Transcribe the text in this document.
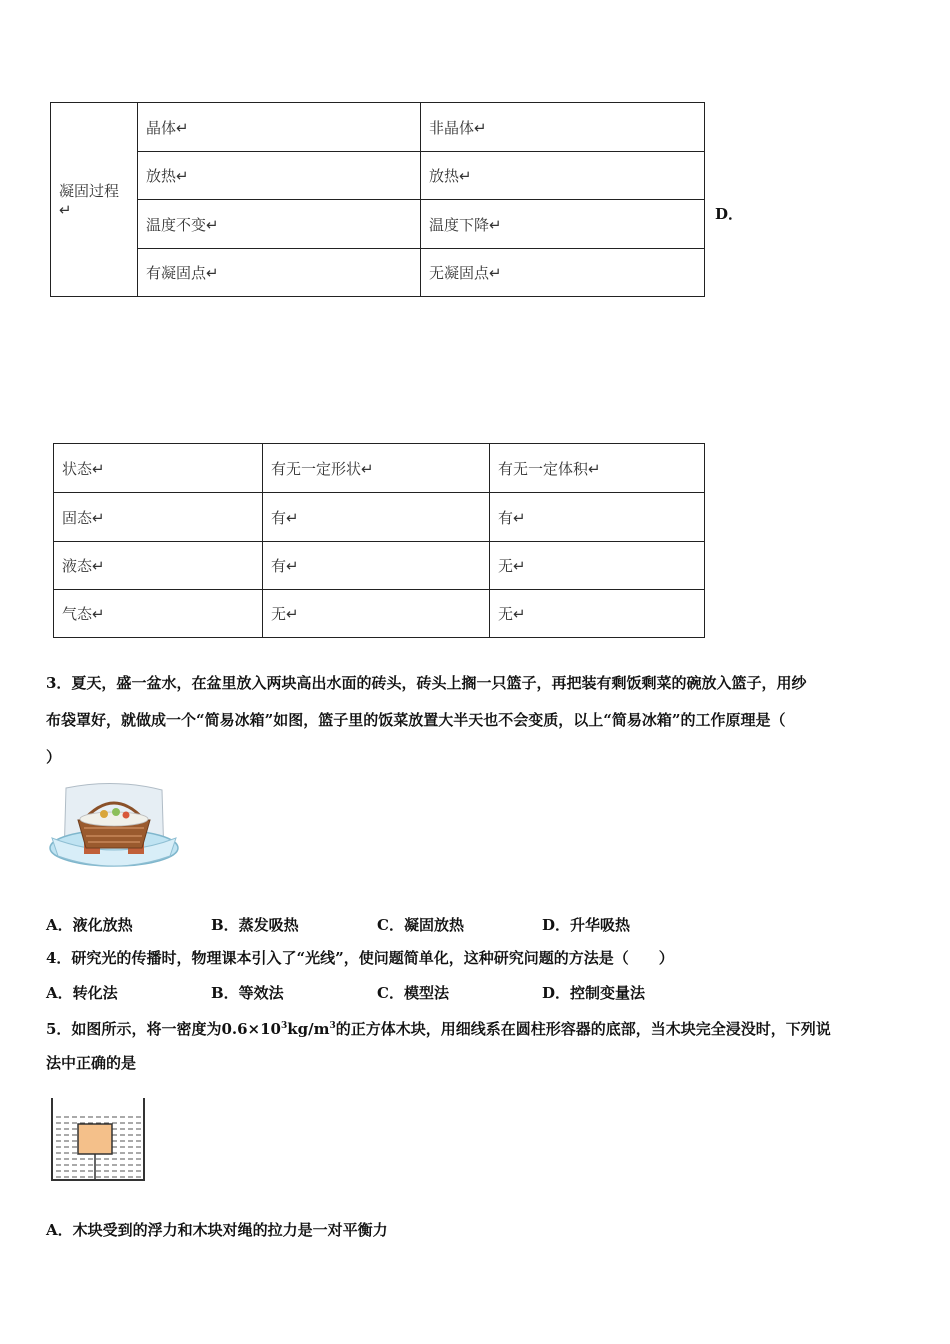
凝固过程↵	晶体↵	非晶体↵
	放热↵	放热↵
	温度不变↵	温度下降↵
	有凝固点↵	无凝固点↵
D．
状态↵	有无一定形状↵	有无一定体积↵
固态↵	有↵	有↵
液态↵	有↵	无↵
气态↵	无↵	无↵
3．夏天，盛一盆水，在盆里放入两块高出水面的砖头，砖头上搁一只篮子，再把装有剩饭剩菜的碗放入篮子，用纱
布袋罩好，就做成一个“简易冰箱”如图，篮子里的饭菜放置大半天也不会变质，以上“简易冰箱”的工作原理是（
）
A．液化放热	B．蒸发吸热	C．凝固放热	D．升华吸热
4．研究光的传播时，物理课本引入了“光线”，使问题简单化，这种研究问题的方法是（　　）
A．转化法	B．等效法	C．模型法	D．控制变量法
5．如图所示，将一密度为$0.6\times 10^3kg/m^3$的正方体木块，用细线系在圆柱形容器的底部，当木块完全浸没时，下列说
法中正确的是
A．木块受到的浮力和木块对绳的拉力是一对平衡力
